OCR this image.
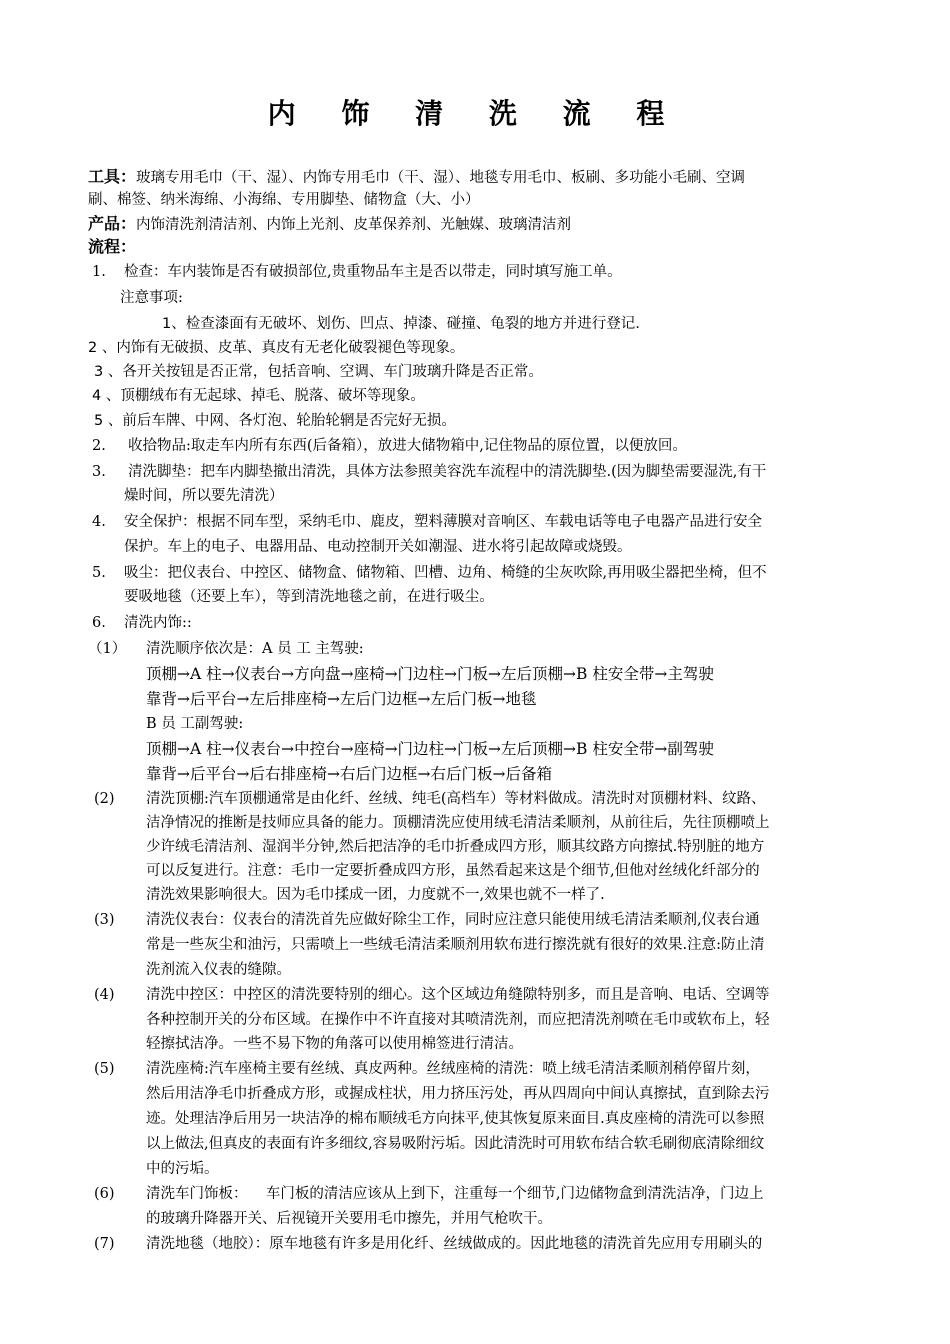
内 饰 清 洗 流 程
工具：玻璃专用毛巾（干、湿）、内饰专用毛巾（干、湿）、地毯专用毛巾、板刷、多功能小毛刷、空调
刷、棉签、纳米海绵、小海绵、专用脚垫、储物盒（大、小）
产品：内饰清洗剂清洁剂、内饰上光剂、皮革保养剂、光触媒、玻璃清洁剂
流程：
1. 检查：车内装饰是否有破损部位,贵重物品车主是否以带走，同时填写施工单。
注意事项:
1、检查漆面有无破坏、划伤、凹点、掉漆、碰撞、龟裂的地方并进行登记.
2 、内饰有无破损、皮革、真皮有无老化破裂褪色等现象。
3 、各开关按钮是否正常，包括音响、空调、车门玻璃升降是否正常。
4 、顶棚绒布有无起球、掉毛、脱落、破坏等现象。
5 、前后车牌、中网、各灯泡、轮胎轮辋是否完好无损。
2. 收拾物品:取走车内所有东西(后备箱），放进大储物箱中,记住物品的原位置，以便放回。
3. 清洗脚垫：把车内脚垫撤出清洗，具体方法参照美容洗车流程中的清洗脚垫.(因为脚垫需要湿洗,有干
燥时间，所以要先清洗）
4. 安全保护：根据不同车型，采纳毛巾、鹿皮，塑料薄膜对音响区、车载电话等电子电器产品进行安全
保护。车上的电子、电器用品、电动控制开关如潮湿、进水将引起故障或烧毁。
5. 吸尘：把仪表台、中控区、储物盒、储物箱、凹槽、边角、椅缝的尘灰吹除,再用吸尘器把坐椅，但不
要吸地毯（还要上车），等到清洗地毯之前，在进行吸尘。
6. 清洗内饰::
（1） 清洗顺序依次是：A 员 工 主驾驶:
顶棚→A 柱→仪表台→方向盘→座椅→门边柱→门板→左后顶棚→B 柱安全带→主驾驶
靠背→后平台→左后排座椅→左后门边框→左后门板→地毯
B 员 工副驾驶:
顶棚→A 柱→仪表台→中控台→座椅→门边柱→门板→左后顶棚→B 柱安全带→副驾驶
靠背→后平台→后右排座椅→右后门边框→右后门板→后备箱
(2) 清洗顶棚:汽车顶棚通常是由化纤、丝绒、纯毛(高档车）等材料做成。清洗时对顶棚材料、纹路、
洁净情况的推断是技师应具备的能力。顶棚清洗应使用绒毛清洁柔顺剂，从前往后，先往顶棚喷上
少许绒毛清洁剂、湿润半分钟,然后把洁净的毛巾折叠成四方形，顺其纹路方向擦拭.特别脏的地方
可以反复进行。注意：毛巾一定要折叠成四方形，虽然看起来这是个细节,但他对丝绒化纤部分的
清洗效果影响很大。因为毛巾揉成一团，力度就不一,效果也就不一样了.
(3) 清洗仪表台：仪表台的清洗首先应做好除尘工作，同时应注意只能使用绒毛清洁柔顺剂,仪表台通
常是一些灰尘和油污，只需喷上一些绒毛清洁柔顺剂用软布进行擦洗就有很好的效果.注意:防止清
洗剂流入仪表的缝隙。
(4) 清洗中控区：中控区的清洗要特别的细心。这个区域边角缝隙特别多，而且是音响、电话、空调等
各种控制开关的分布区域。在操作中不许直接对其喷清洗剂，而应把清洗剂喷在毛巾或软布上，轻
轻擦拭洁净。一些不易下物的角落可以使用棉签进行清洁。
(5) 清洗座椅:汽车座椅主要有丝绒、真皮两种。丝绒座椅的清洗：喷上绒毛清洁柔顺剂稍停留片刻，
然后用洁净毛巾折叠成方形，或握成柱状，用力挤压污处，再从四周向中间认真擦拭，直到除去污
迹。处理洁净后用另一块洁净的棉布顺绒毛方向抹平,使其恢复原来面目.真皮座椅的清洗可以参照
以上做法,但真皮的表面有许多细纹,容易吸附污垢。因此清洗时可用软布结合软毛刷彻底清除细纹
中的污垢。
(6) 清洗车门饰板：    车门板的清洁应该从上到下，注重每一个细节,门边储物盒到清洗洁净，门边上
的玻璃升降器开关、后视镜开关要用毛巾擦先，并用气枪吹干。
(7) 清洗地毯（地胶）：原车地毯有许多是用化纤、丝绒做成的。因此地毯的清洗首先应用专用刷头的
